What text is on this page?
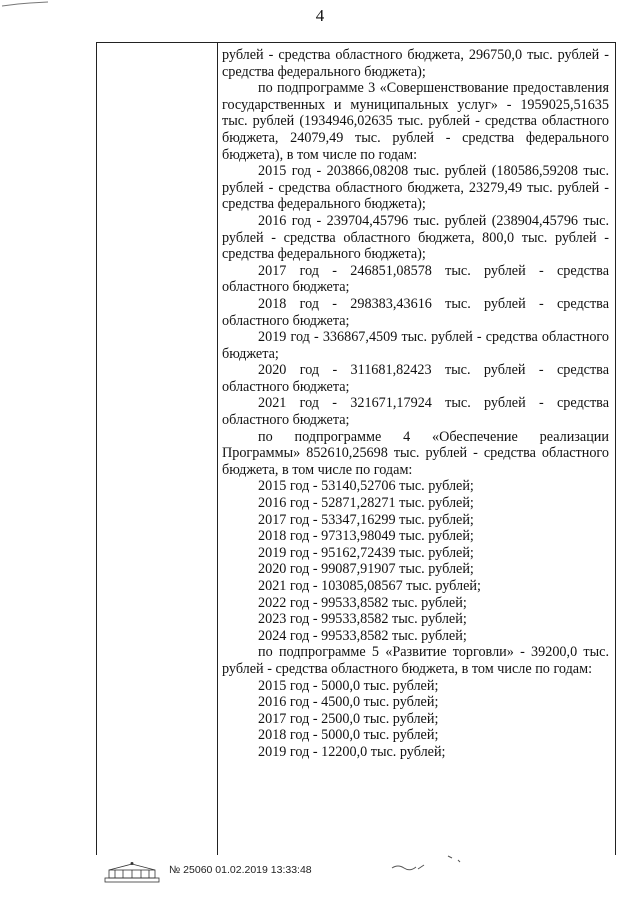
4

рублей - средства областного бюджета, 296750,0 тыс. рублей - средства федерального бюджета);

по подпрограмме 3 «Совершенствование предоставления государственных и муниципальных услуг» - 1959025,51635 тыс. рублей (1934946,02635 тыс. рублей - средства областного бюджета, 24079,49 тыс. рублей - средства федерального бюджета), в том числе по годам:

2015 год - 203866,08208 тыс. рублей (180586,59208 тыс. рублей - средства областного бюджета, 23279,49 тыс. рублей - средства федерального бюджета);

2016 год - 239704,45796 тыс. рублей (238904,45796 тыс. рублей - средства областного бюджета, 800,0 тыс. рублей - средства федерального бюджета);

2017 год - 246851,08578 тыс. рублей - средства областного бюджета;

2018 год - 298383,43616 тыс. рублей - средства областного бюджета;

2019 год - 336867,4509 тыс. рублей - средства областного бюджета;

2020 год - 311681,82423 тыс. рублей - средства областного бюджета;

2021 год - 321671,17924 тыс. рублей - средства областного бюджета;

по подпрограмме 4 «Обеспечение реализации Программы» 852610,25698 тыс. рублей - средства областного бюджета, в том числе по годам:

2015 год - 53140,52706 тыс. рублей;

2016 год - 52871,28271 тыс. рублей;

2017 год - 53347,16299 тыс. рублей;

2018 год - 97313,98049 тыс. рублей;

2019 год - 95162,72439 тыс. рублей;

2020 год - 99087,91907 тыс. рублей;

2021 год - 103085,08567 тыс. рублей;

2022 год - 99533,8582 тыс. рублей;

2023 год - 99533,8582 тыс. рублей;

2024 год - 99533,8582 тыс. рублей;

по подпрограмме 5 «Развитие торговли» - 39200,0 тыс. рублей - средства областного бюджета, в том числе по годам:

2015 год - 5000,0 тыс. рублей;

2016 год - 4500,0 тыс. рублей;

2017 год - 2500,0 тыс. рублей;

2018 год - 5000,0 тыс. рублей;

2019 год - 12200,0 тыс. рублей;

№ 25060 01.02.2019 13:33:48
